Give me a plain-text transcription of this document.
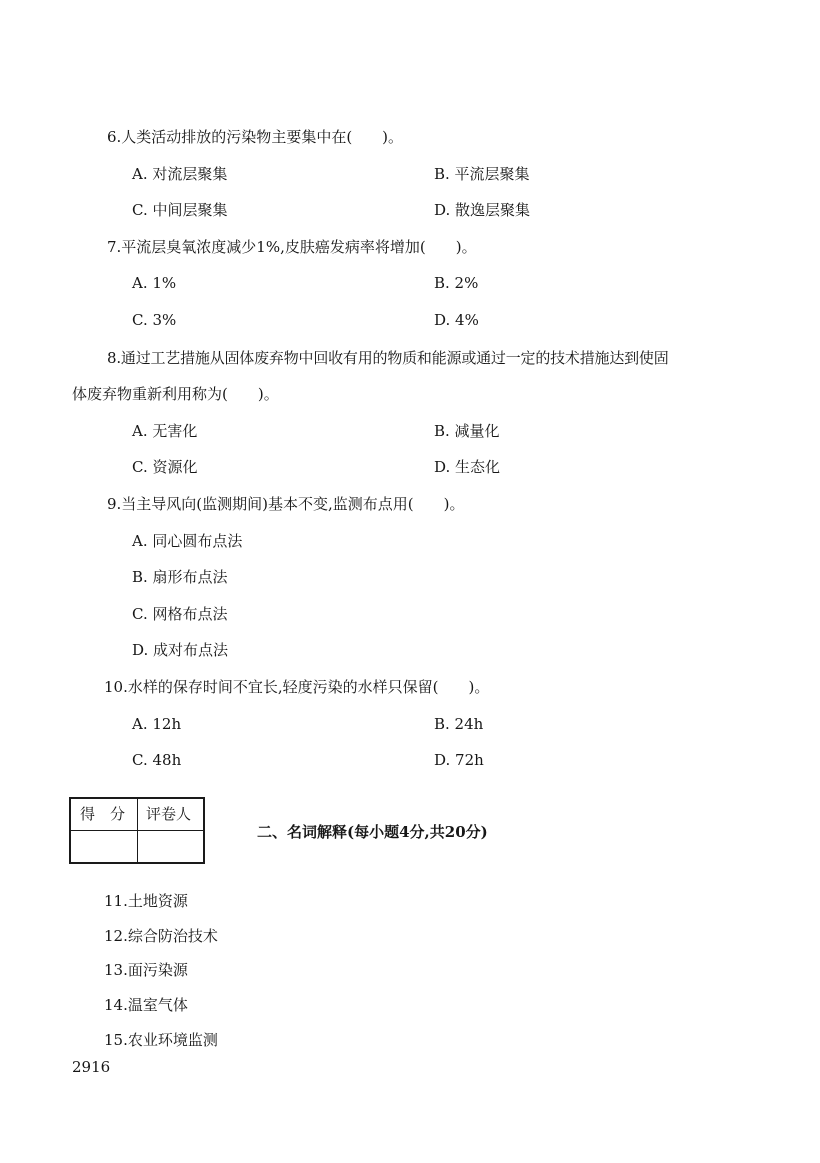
6.人类活动排放的污染物主要集中在(　　)。
A. 对流层聚集	B. 平流层聚集
C. 中间层聚集	D. 散逸层聚集
7.平流层臭氧浓度减少1%,皮肤癌发病率将增加(　　)。
A. 1%	B. 2%
C. 3%	D. 4%
8.通过工艺措施从固体废弃物中回收有用的物质和能源或通过一定的技术措施达到使固
体废弃物重新利用称为(　　)。
A. 无害化	B. 减量化
C. 资源化	D. 生态化
9.当主导风向(监测期间)基本不变,监测布点用(　　)。
A. 同心圆布点法
B. 扇形布点法
C. 网格布点法
D. 成对布点法
10.水样的保存时间不宜长,轻度污染的水样只保留(　　)。
A. 12h	B. 24h
C. 48h	D. 72h
得　分 评卷人
二、名词解释(每小题4分,共20分)
11.土地资源
12.综合防治技术
13.面污染源
14.温室气体
15.农业环境监测
2916
